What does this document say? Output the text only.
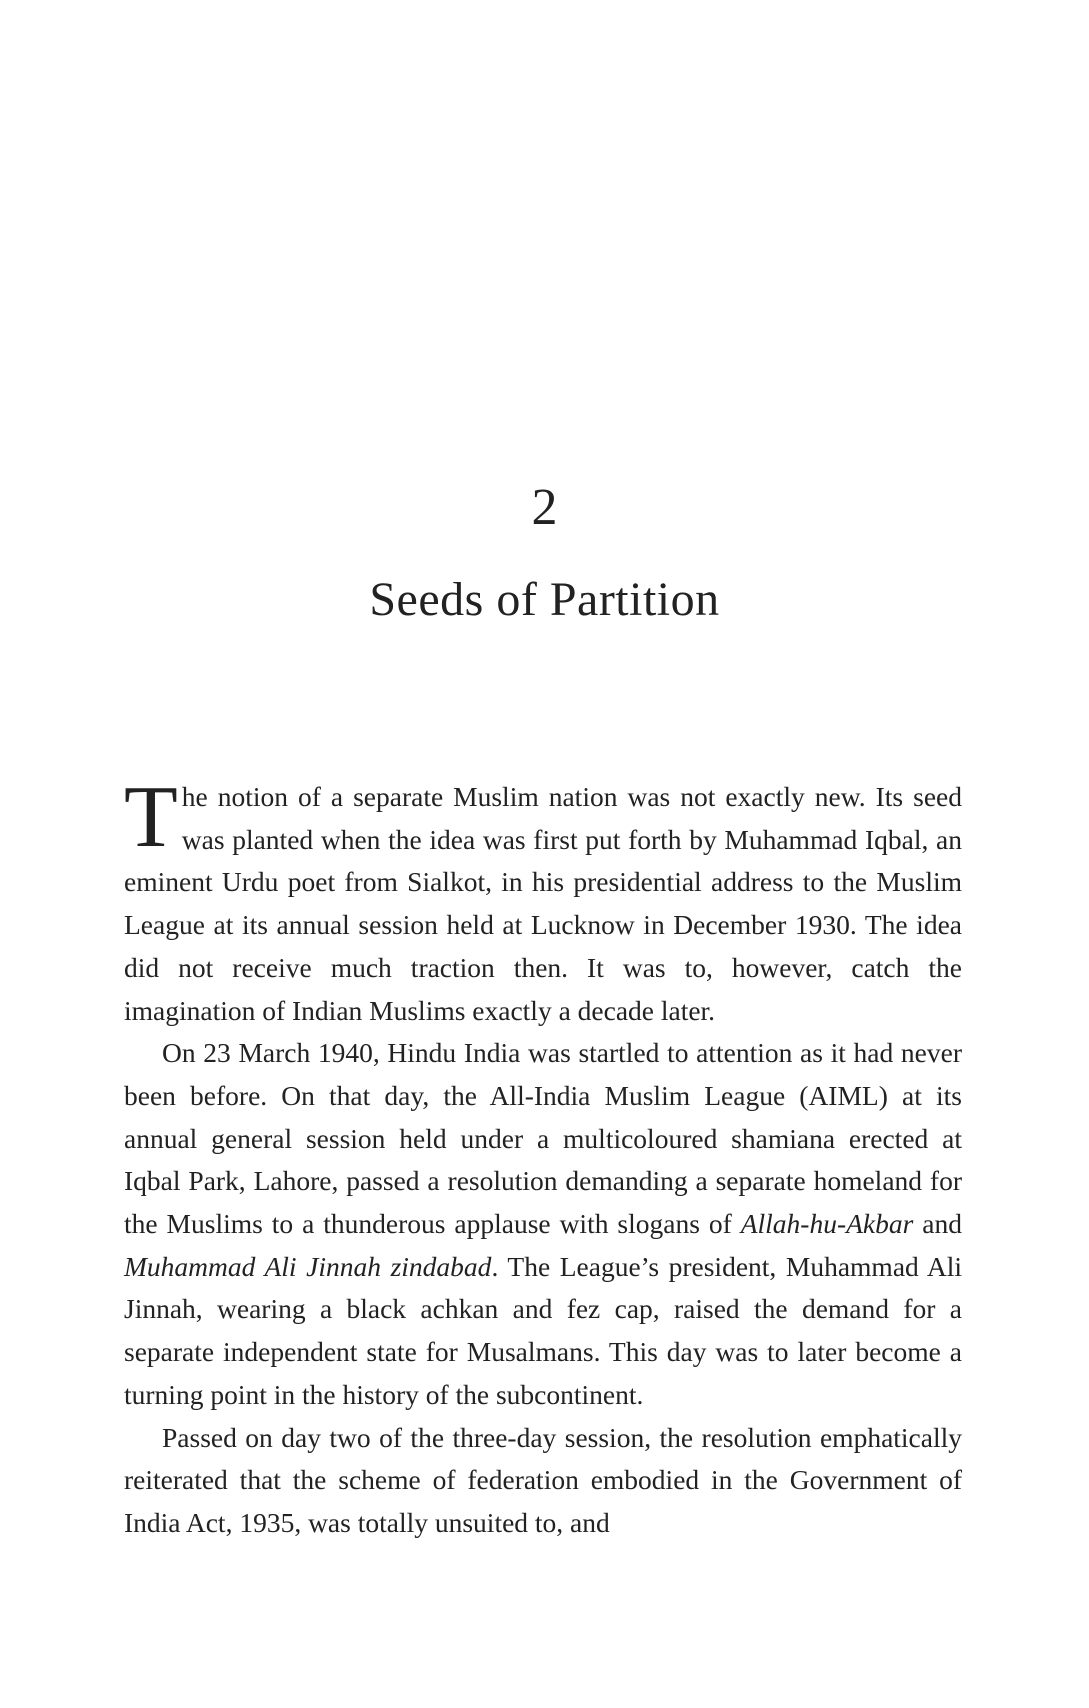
2
Seeds of Partition

The notion of a separate Muslim nation was not exactly new. Its seed was planted when the idea was first put forth by Muhammad Iqbal, an eminent Urdu poet from Sialkot, in his presidential address to the Muslim League at its annual session held at Lucknow in December 1930. The idea did not receive much traction then. It was to, however, catch the imagination of Indian Muslims exactly a decade later.

On 23 March 1940, Hindu India was startled to attention as it had never been before. On that day, the All-India Muslim League (AIML) at its annual general session held under a multicoloured shamiana erected at Iqbal Park, Lahore, passed a resolution demanding a separate homeland for the Muslims to a thunderous applause with slogans of Allah-hu-Akbar and Muhammad Ali Jinnah zindabad. The League’s president, Muhammad Ali Jinnah, wearing a black achkan and fez cap, raised the demand for a separate independent state for Musalmans. This day was to later become a turning point in the history of the subcontinent.

Passed on day two of the three-day session, the resolution emphatically reiterated that the scheme of federation embodied in the Government of India Act, 1935, was totally unsuited to, and
